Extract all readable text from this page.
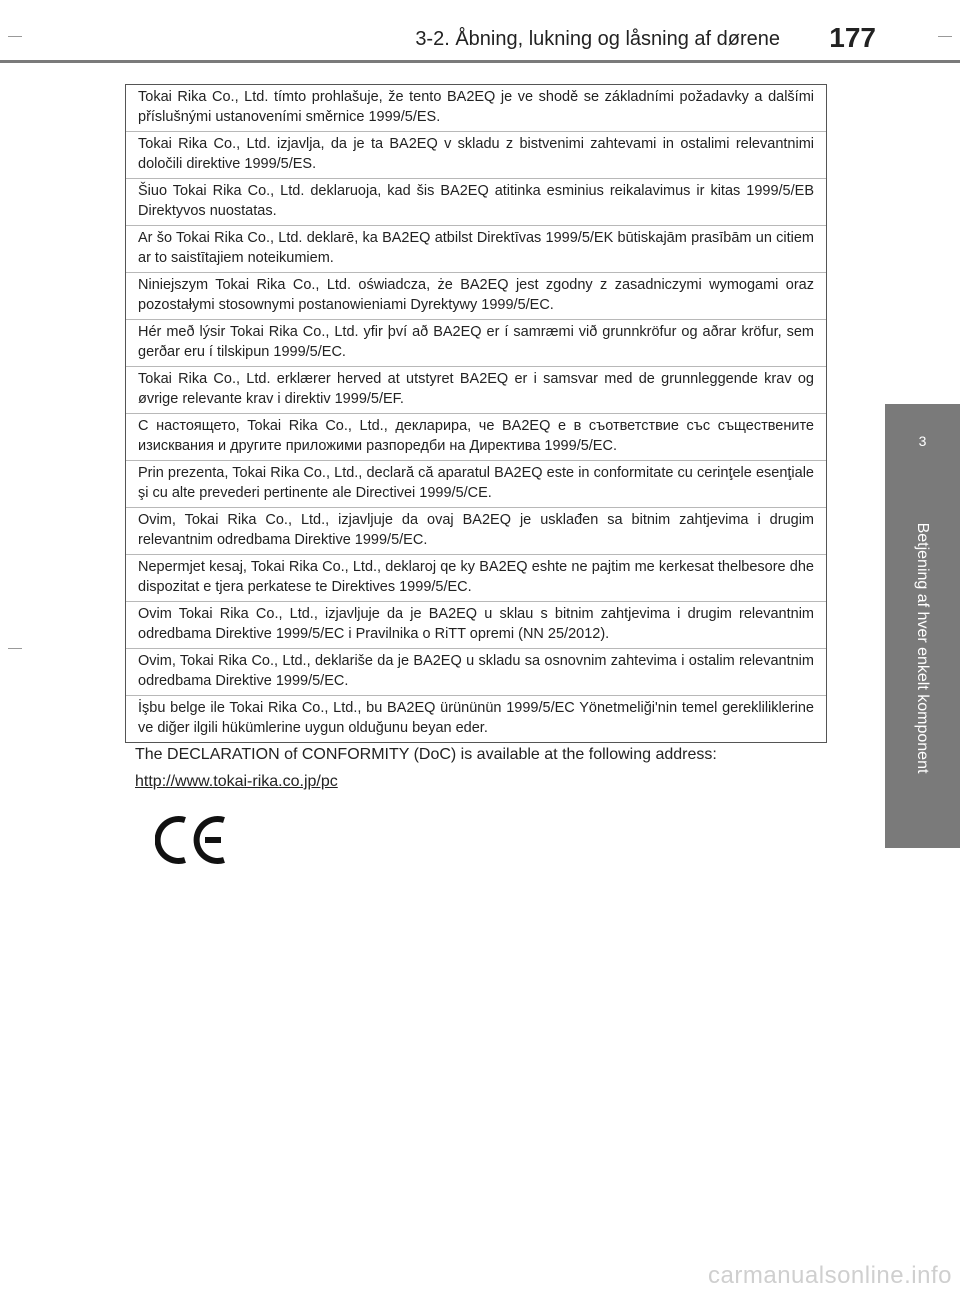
3-2. Åbning, lukning og låsning af dørene 177
3
Betjening af hver enkelt komponent
Tokai Rika Co., Ltd. tímto prohlašuje, že tento BA2EQ je ve shodě se základními požadavky a dalšími příslušnými ustanoveními směrnice 1999/5/ES.
Tokai Rika Co., Ltd. izjavlja, da je ta BA2EQ v skladu z bistvenimi zahtevami in ostalimi relevantnimi določili direktive 1999/5/ES.
Šiuo Tokai Rika Co., Ltd. deklaruoja, kad šis BA2EQ atitinka esminius reikalavimus ir kitas 1999/5/EB Direktyvos nuostatas.
Ar šo Tokai Rika Co., Ltd. deklarē, ka BA2EQ atbilst Direktīvas 1999/5/EK būtiskajām prasībām un citiem ar to saistītajiem noteikumiem.
Niniejszym Tokai Rika Co., Ltd. oświadcza, że BA2EQ jest zgodny z zasadniczymi wymogami oraz pozostałymi stosownymi postanowieniami Dyrektywy 1999/5/EC.
Hér með lýsir Tokai Rika Co., Ltd. yfir því að BA2EQ er í samræmi við grunnkröfur og aðrar kröfur, sem gerðar eru í tilskipun 1999/5/EC.
Tokai Rika Co., Ltd. erklærer herved at utstyret BA2EQ er i samsvar med de grunnleggende krav og øvrige relevante krav i direktiv 1999/5/EF.
С настоящето, Tokai Rika Co., Ltd., декларира, че BA2EQ е в съответствие със съществените изисквания и другите приложими разпоредби на Директива 1999/5/ЕС.
Prin prezenta, Tokai Rika Co., Ltd., declară că aparatul BA2EQ este in conformitate cu cerinţele esenţiale şi cu alte prevederi pertinente ale Directivei 1999/5/CE.
Ovim, Tokai Rika Co., Ltd., izjavljuje da ovaj BA2EQ je usklađen sa bitnim zahtjevima i drugim relevantnim odredbama Direktive 1999/5/EC.
Nepermjet kesaj, Tokai Rika Co., Ltd., deklaroj qe ky BA2EQ eshte ne pajtim me kerkesat thelbesore dhe dispozitat e tjera perkatese te Direktives 1999/5/EC.
Ovim Tokai Rika Co., Ltd., izjavljuje da je BA2EQ u sklau s bitnim zahtjevima i drugim relevantnim odredbama Direktive 1999/5/EC i Pravilnika o RiTT opremi (NN 25/2012).
Ovim, Tokai Rika Co., Ltd., deklariše da je BA2EQ u skladu sa osnovnim zahtevima i ostalim relevantnim odredbama Direktive 1999/5/EC.
İşbu belge ile Tokai Rika Co., Ltd., bu BA2EQ ürününün 1999/5/EC Yönetmeliği'nin temel gerekliliklerine ve diğer ilgili hükümlerine uygun olduğunu beyan eder.
The DECLARATION of CONFORMITY (DoC) is available at the following address:
http://www.tokai-rika.co.jp/pc
carmanualsonline.info
